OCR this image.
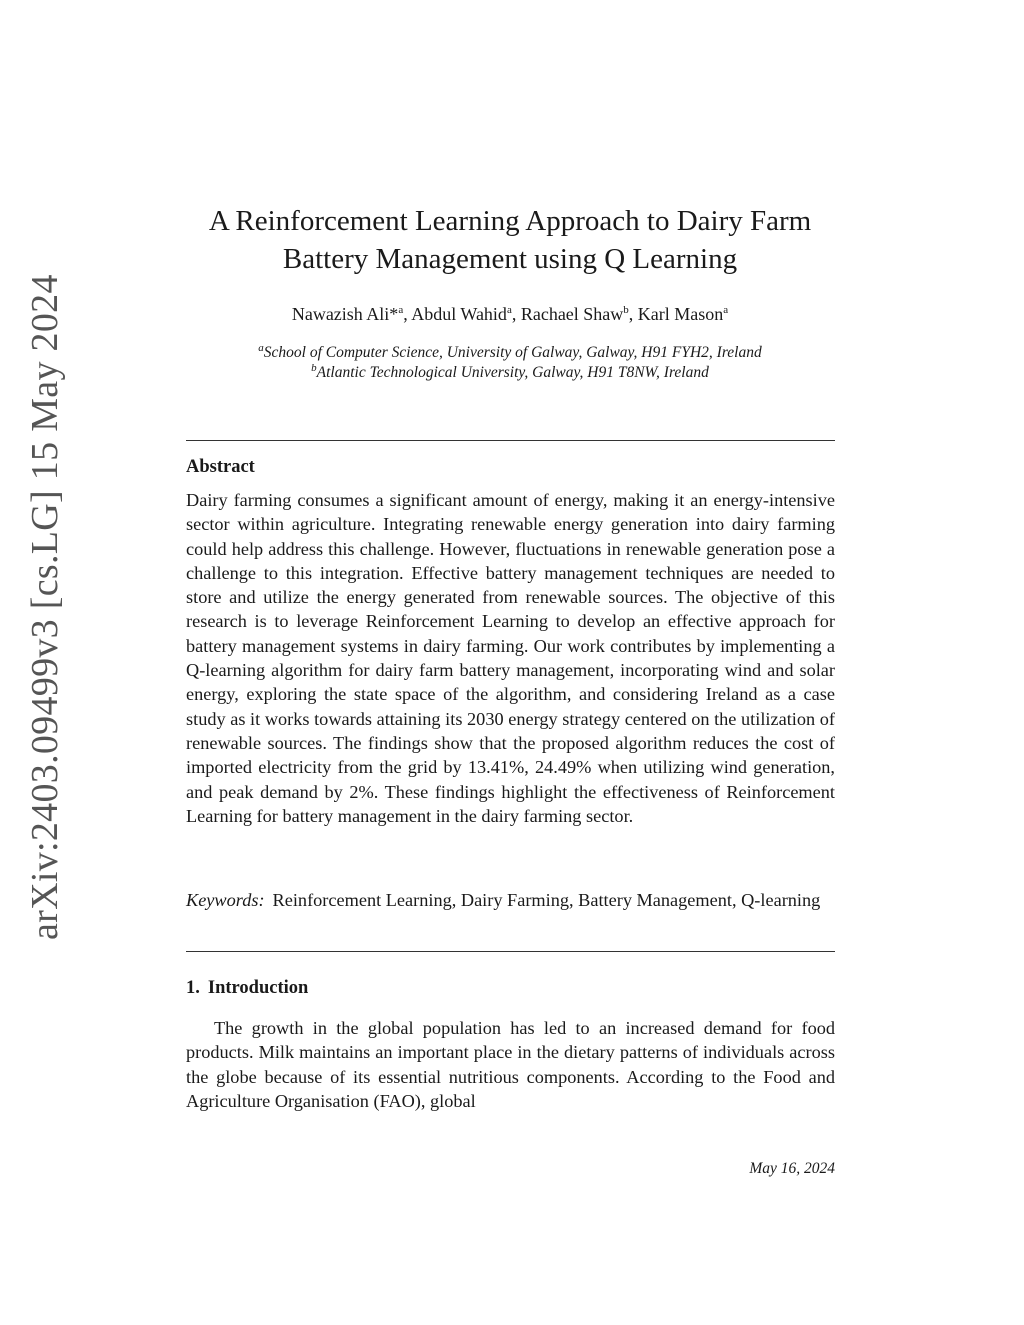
arXiv:2403.09499v3 [cs.LG] 15 May 2024
A Reinforcement Learning Approach to Dairy Farm Battery Management using Q Learning
Nawazish Ali*$^a$, Abdul Wahid$^a$, Rachael Shaw$^b$, Karl Mason$^a$
$^a$School of Computer Science, University of Galway, Galway, H91 FYH2, Ireland
$^b$Atlantic Technological University, Galway, H91 T8NW, Ireland
Abstract
Dairy farming consumes a significant amount of energy, making it an energy-intensive sector within agriculture. Integrating renewable energy generation into dairy farming could help address this challenge. However, fluctuations in renewable generation pose a challenge to this integration. Effective battery management techniques are needed to store and utilize the energy generated from renewable sources. The objective of this research is to leverage Reinforcement Learning to develop an effective approach for battery management systems in dairy farming. Our work contributes by implementing a Q-learning algorithm for dairy farm battery management, incorporating wind and solar energy, exploring the state space of the algorithm, and considering Ireland as a case study as it works towards attaining its 2030 energy strategy centered on the utilization of renewable sources. The findings show that the proposed algorithm reduces the cost of imported electricity from the grid by 13.41%, 24.49% when utilizing wind generation, and peak demand by 2%. These findings highlight the effectiveness of Reinforcement Learning for battery management in the dairy farming sector.
Keywords: Reinforcement Learning, Dairy Farming, Battery Management, Q-learning
1. Introduction
The growth in the global population has led to an increased demand for food products. Milk maintains an important place in the dietary patterns of individuals across the globe because of its essential nutritious components. According to the Food and Agriculture Organisation (FAO), global
May 16, 2024
